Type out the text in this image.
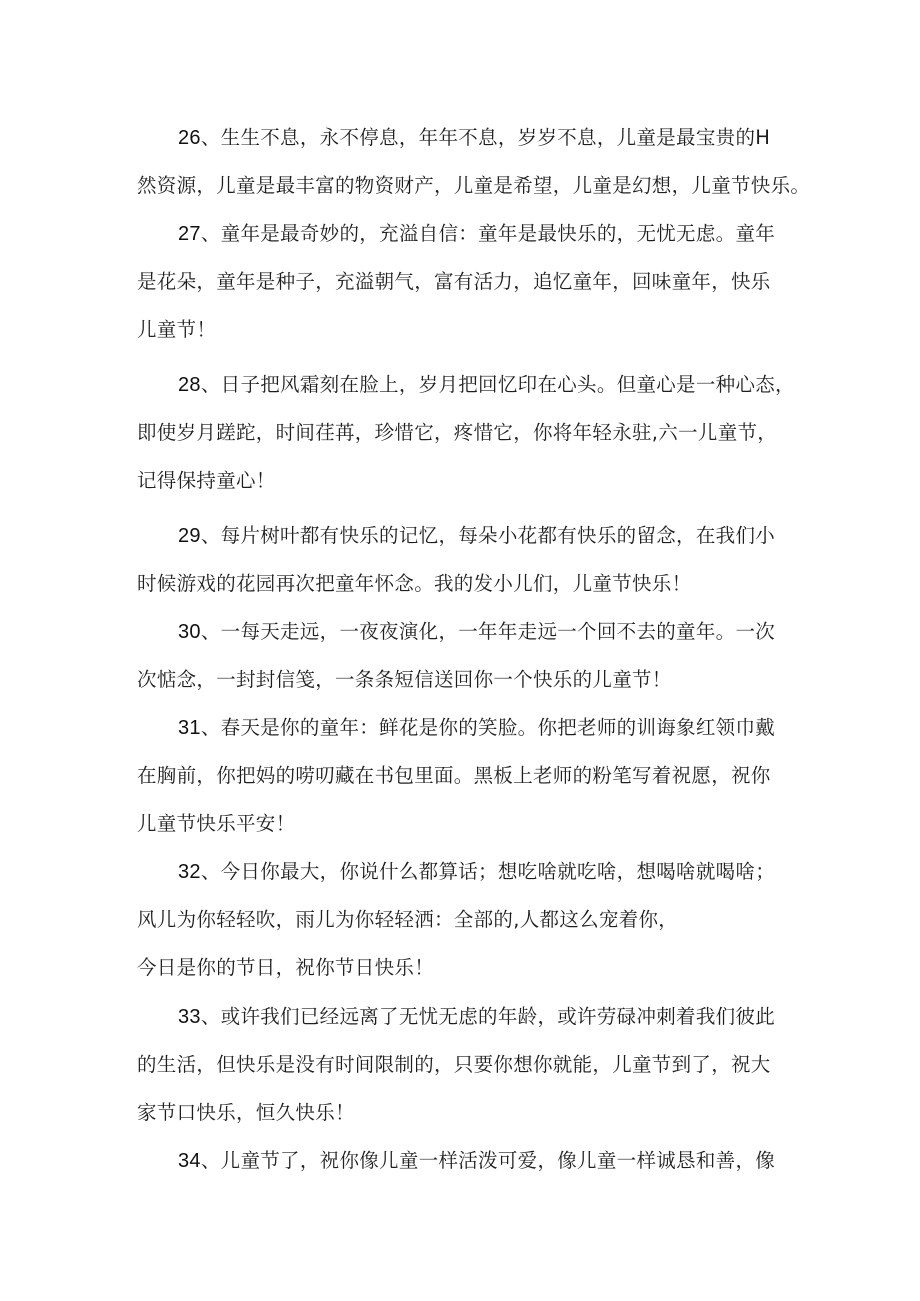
26、生生不息，永不停息，年年不息，岁岁不息，儿童是最宝贵的H
然资源，儿童是最丰富的物资财产，儿童是希望，儿童是幻想，儿童节快乐。
27、童年是最奇妙的，充溢自信：童年是最快乐的，无忧无虑。童年
是花朵，童年是种子，充溢朝气，富有活力，追忆童年，回味童年，快乐
儿童节！
28、日子把风霜刻在脸上，岁月把回忆印在心头。但童心是一种心态，
即使岁月蹉跎，时间荏苒，珍惜它，疼惜它，你将年轻永驻,六一儿童节，
记得保持童心！
29、每片树叶都有快乐的记忆，每朵小花都有快乐的留念，在我们小
时候游戏的花园再次把童年怀念。我的发小儿们，儿童节快乐！
30、一每天走远，一夜夜演化，一年年走远一个回不去的童年。一次
次惦念，一封封信笺，一条条短信送回你一个快乐的儿童节！
31、春天是你的童年：鲜花是你的笑脸。你把老师的训诲象红领巾戴
在胸前，你把妈的唠叨藏在书包里面。黑板上老师的粉笔写着祝愿，祝你
儿童节快乐平安！
32、今日你最大，你说什么都算话；想吃啥就吃啥，想喝啥就喝啥；
风儿为你轻轻吹，雨儿为你轻轻洒：全部的,人都这么宠着你，
今日是你的节日，祝你节日快乐！
33、或许我们已经远离了无忧无虑的年龄，或许劳碌冲刺着我们彼此
的生活，但快乐是没有时间限制的，只要你想你就能，儿童节到了，祝大
家节口快乐，恒久快乐！
34、儿童节了，祝你像儿童一样活泼可爱，像儿童一样诚恳和善，像
